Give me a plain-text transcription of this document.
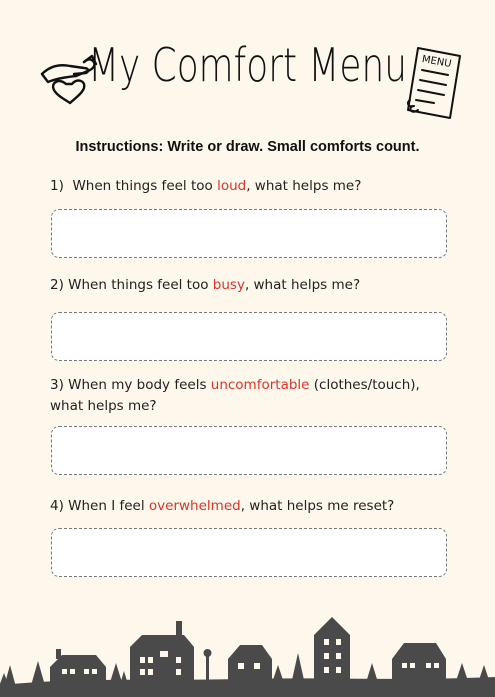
My Comfort Menu	MENU
Instructions: Write or draw. Small comforts count.
1) When things feel too loud, what helps me?
2) When things feel too busy, what helps me?
3) When my body feels uncomfortable (clothes/touch), what helps me?
4) When I feel overwhelmed, what helps me reset?
